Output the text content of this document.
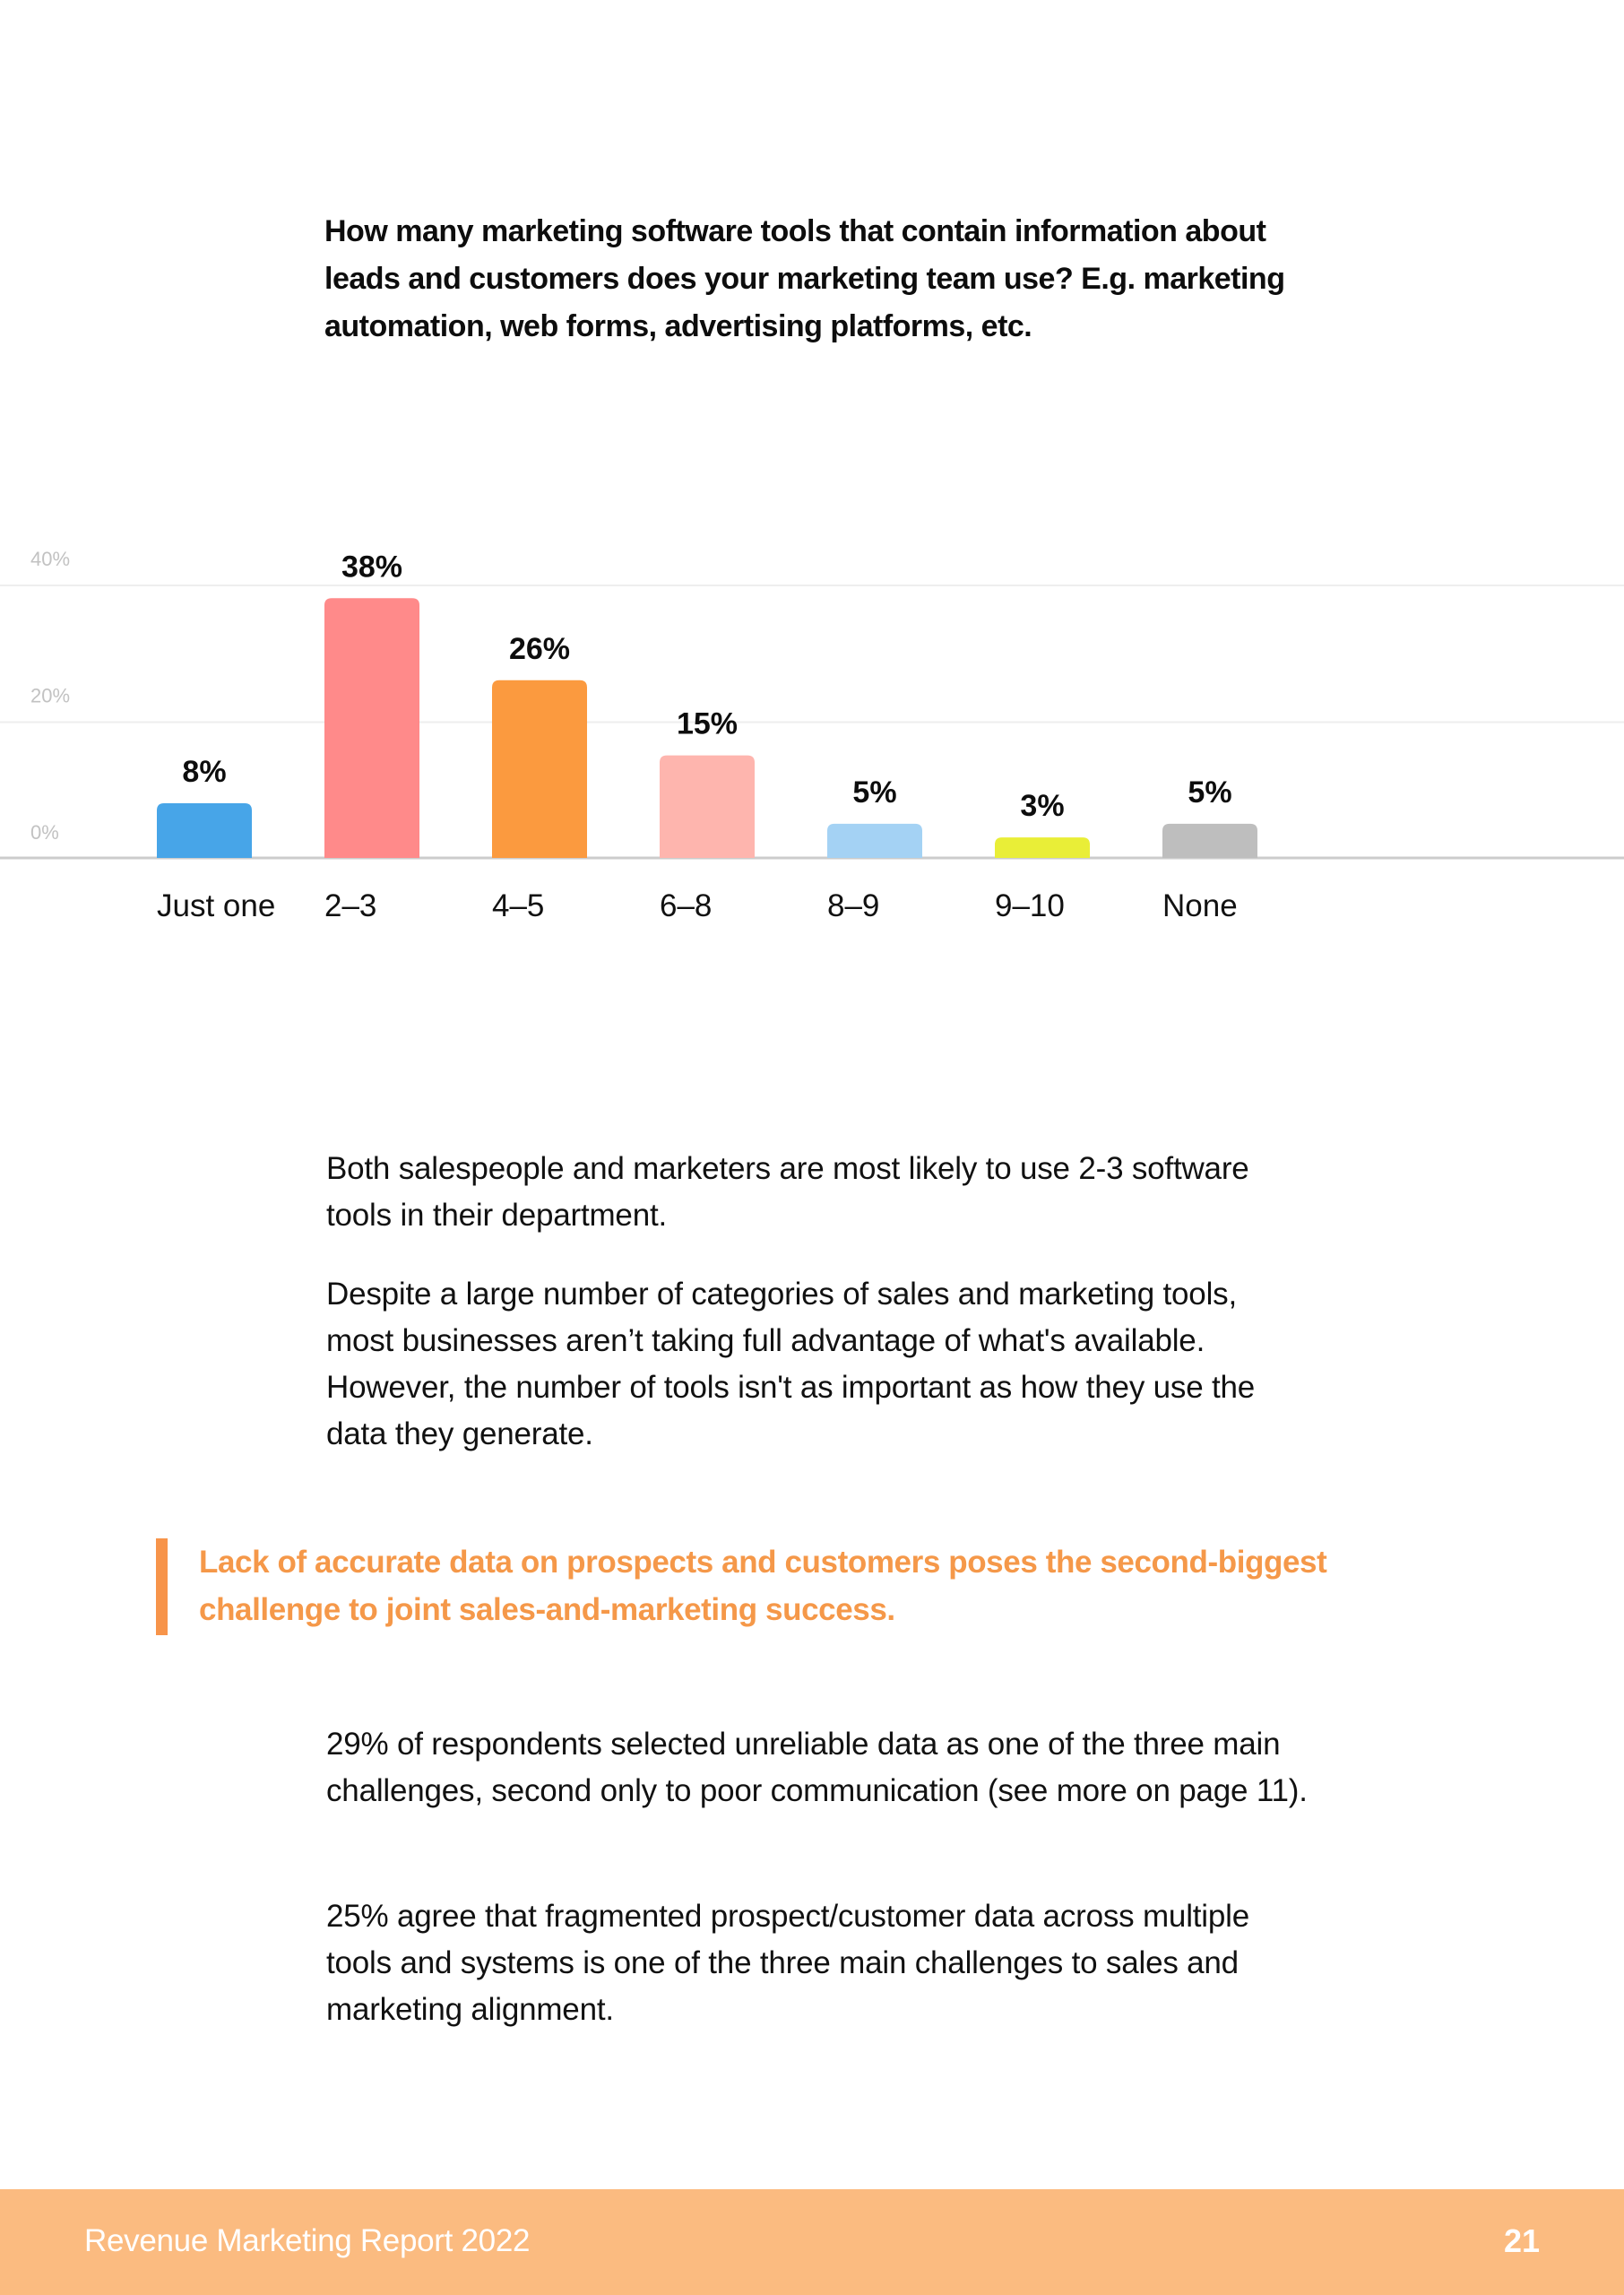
How many marketing software tools that contain information about leads and customers does your marketing team use? E.g. marketing automation, web forms, advertising platforms, etc.

0%
20%
40%
8%
Just one
38%
2–3
26%
4–5
15%
6–8
5%
8–9
3%
9–10
5%
None

Both salespeople and marketers are most likely to use 2-3 software tools in their department.

Despite a large number of categories of sales and marketing tools, most businesses aren’t taking full advantage of what's available. However, the number of tools isn't as important as how they use the data they generate.

Lack of accurate data on prospects and customers poses the second-biggest challenge to joint sales-and-marketing success.

29% of respondents selected unreliable data as one of the three main challenges, second only to poor communication (see more on page 11).

25% agree that fragmented prospect/customer data across multiple tools and systems is one of the three main challenges to sales and marketing alignment.

Revenue Marketing Report 2022	21
